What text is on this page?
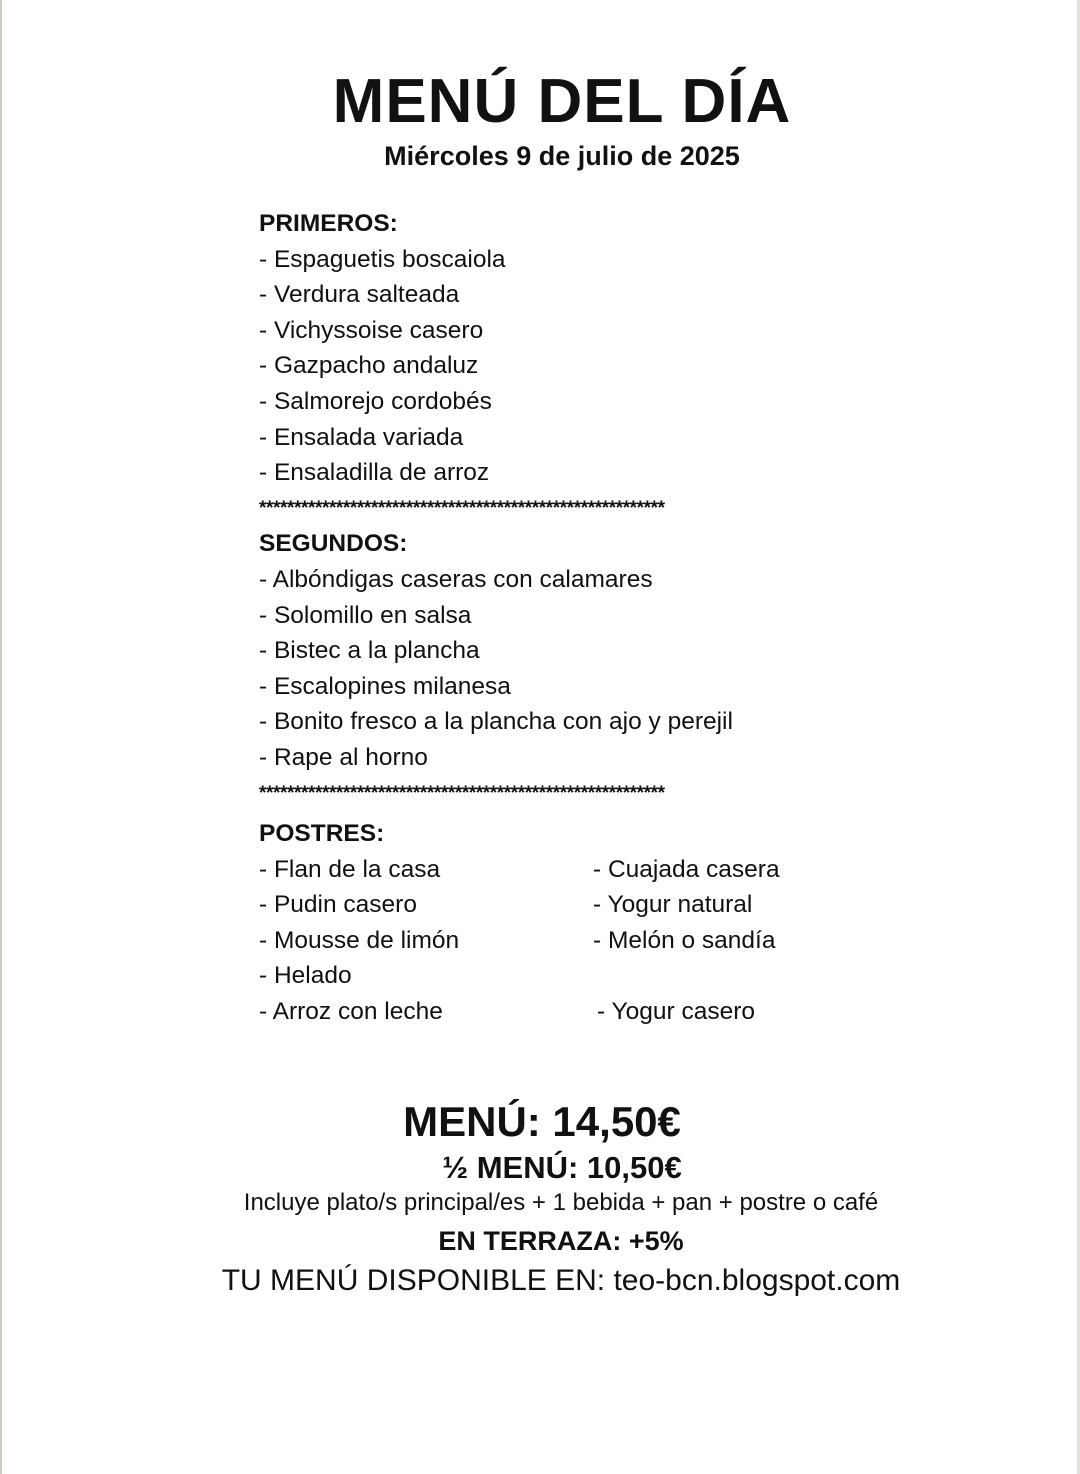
MENÚ DEL DÍA
Miércoles 9 de julio de 2025
PRIMEROS:
- Espaguetis boscaiola
- Verdura salteada
- Vichyssoise casero
- Gazpacho andaluz
- Salmorejo cordobés
- Ensalada variada
- Ensaladilla de arroz
**********************************************************
SEGUNDOS:
- Albóndigas caseras con calamares
- Solomillo en salsa
- Bistec a la plancha
- Escalopines milanesa
- Bonito fresco a la plancha con ajo y perejil
- Rape al horno
**********************************************************
POSTRES:
- Flan de la casa	- Cuajada casera
- Pudin casero	- Yogur natural
- Mousse de limón	- Melón o sandía
- Helado
- Arroz con leche	- Yogur casero
MENÚ: 14,50€
½ MENÚ: 10,50€
Incluye plato/s principal/es + 1 bebida + pan + postre o café
EN TERRAZA: +5%
TU MENÚ DISPONIBLE EN: teo-bcn.blogspot.com
